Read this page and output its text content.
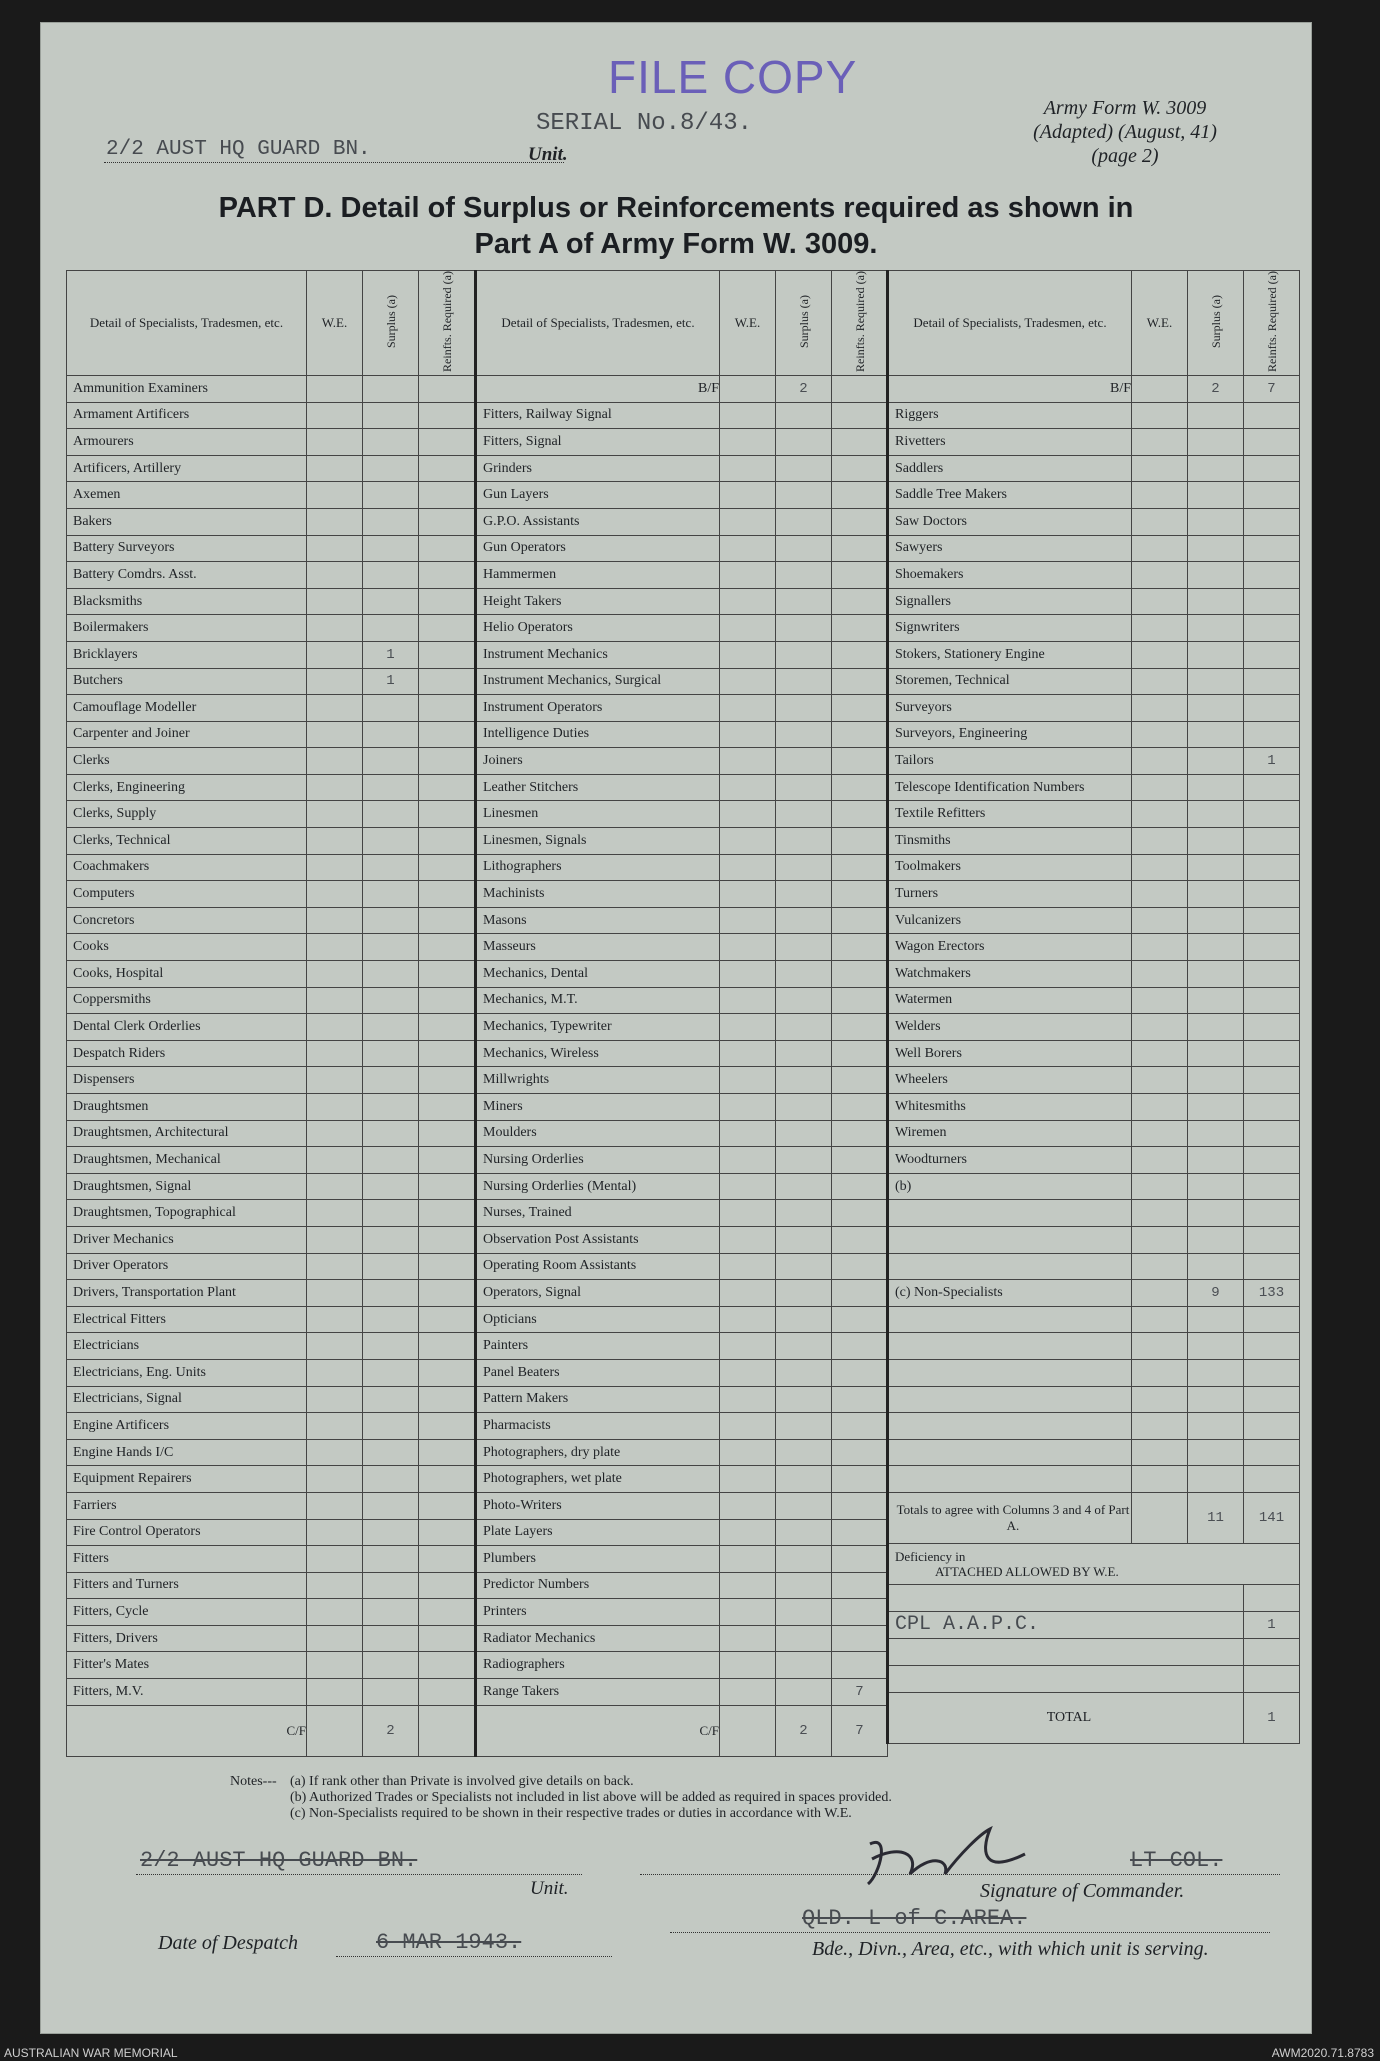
FILE COPY
2/2 AUST HQ GUARD BN.	Unit.
SERIAL No.8/43.
Army Form W. 3009
(Adapted) (August, 41)
(page 2)
PART D. Detail of Surplus or Reinforcements required as shown in
Part A of Army Form W. 3009.
Detail of Specialists, Tradesmen, etc.	W.E.	Surplus (a)	Reinfts. Required (a)
Ammunition Examiners			
Armament Artificers			
Armourers			
Artificers, Artillery			
Axemen			
Bakers			
Battery Surveyors			
Battery Comdrs. Asst.			
Blacksmiths			
Boilermakers			
Bricklayers		1	
Butchers		1	
Camouflage Modeller			
Carpenter and Joiner			
Clerks			
Clerks, Engineering			
Clerks, Supply			
Clerks, Technical			
Coachmakers			
Computers			
Concretors			
Cooks			
Cooks, Hospital			
Coppersmiths			
Dental Clerk Orderlies			
Despatch Riders			
Dispensers			
Draughtsmen			
Draughtsmen, Architectural			
Draughtsmen, Mechanical			
Draughtsmen, Signal			
Draughtsmen, Topographical			
Driver Mechanics			
Driver Operators			
Drivers, Transportation Plant			
Electrical Fitters			
Electricians			
Electricians, Eng. Units			
Electricians, Signal			
Engine Artificers			
Engine Hands I/C			
Equipment Repairers			
Farriers			
Fire Control Operators			
Fitters			
Fitters and Turners			
Fitters, Cycle			
Fitters, Drivers			
Fitter's Mates			
Fitters, M.V.			
C/F		2	
Detail of Specialists, Tradesmen, etc.	W.E.	Surplus (a)	Reinfts. Required (a)
B/F		2	
Fitters, Railway Signal			
Fitters, Signal			
Grinders			
Gun Layers			
G.P.O. Assistants			
Gun Operators			
Hammermen			
Height Takers			
Helio Operators			
Instrument Mechanics			
Instrument Mechanics, Surgical			
Instrument Operators			
Intelligence Duties			
Joiners			
Leather Stitchers			
Linesmen			
Linesmen, Signals			
Lithographers			
Machinists			
Masons			
Masseurs			
Mechanics, Dental			
Mechanics, M.T.			
Mechanics, Typewriter			
Mechanics, Wireless			
Millwrights			
Miners			
Moulders			
Nursing Orderlies			
Nursing Orderlies (Mental)			
Nurses, Trained			
Observation Post Assistants			
Operating Room Assistants			
Operators, Signal			
Opticians			
Painters			
Panel Beaters			
Pattern Makers			
Pharmacists			
Photographers, dry plate			
Photographers, wet plate			
Photo-Writers			
Plate Layers			
Plumbers			
Predictor Numbers			
Printers			
Radiator Mechanics			
Radiographers			
Range Takers			7
C/F		2	7
Detail of Specialists, Tradesmen, etc.	W.E.	Surplus (a)	Reinfts. Required (a)
B/F		2	7
Riggers			
Rivetters			
Saddlers			
Saddle Tree Makers			
Saw Doctors			
Sawyers			
Shoemakers			
Signallers			
Signwriters			
Stokers, Stationery Engine			
Storemen, Technical			
Surveyors			
Surveyors, Engineering			
Tailors			1
Telescope Identification Numbers			
Textile Refitters			
Tinsmiths			
Toolmakers			
Turners			
Vulcanizers			
Wagon Erectors			
Watchmakers			
Watermen			
Welders			
Well Borers			
Wheelers			
Whitesmiths			
Wiremen			
Woodturners			
(b)			

(c) Non-Specialists		9	133

Totals to agree with Columns 3 and 4 of Part A.		11	141

Deficiency in
ATTACHED ALLOWED BY W.E.			

CPL A.A.P.C.			1

TOTAL			1
Notes--- (a) If rank other than Private is involved give details on back.
(b) Authorized Trades or Specialists not included in list above will be added as required in spaces provided.
(c) Non-Specialists required to be shown in their respective trades or duties in accordance with W.E.
2/2 AUST HQ GUARD BN.
Unit.
LT-COL.
Signature of Commander.
Date of Despatch	6 MAR 1943.
QLD. L of C.AREA.
Bde., Divn., Area, etc., with which unit is serving.
AUSTRALIAN WAR MEMORIAL	AWM2020.71.8783
